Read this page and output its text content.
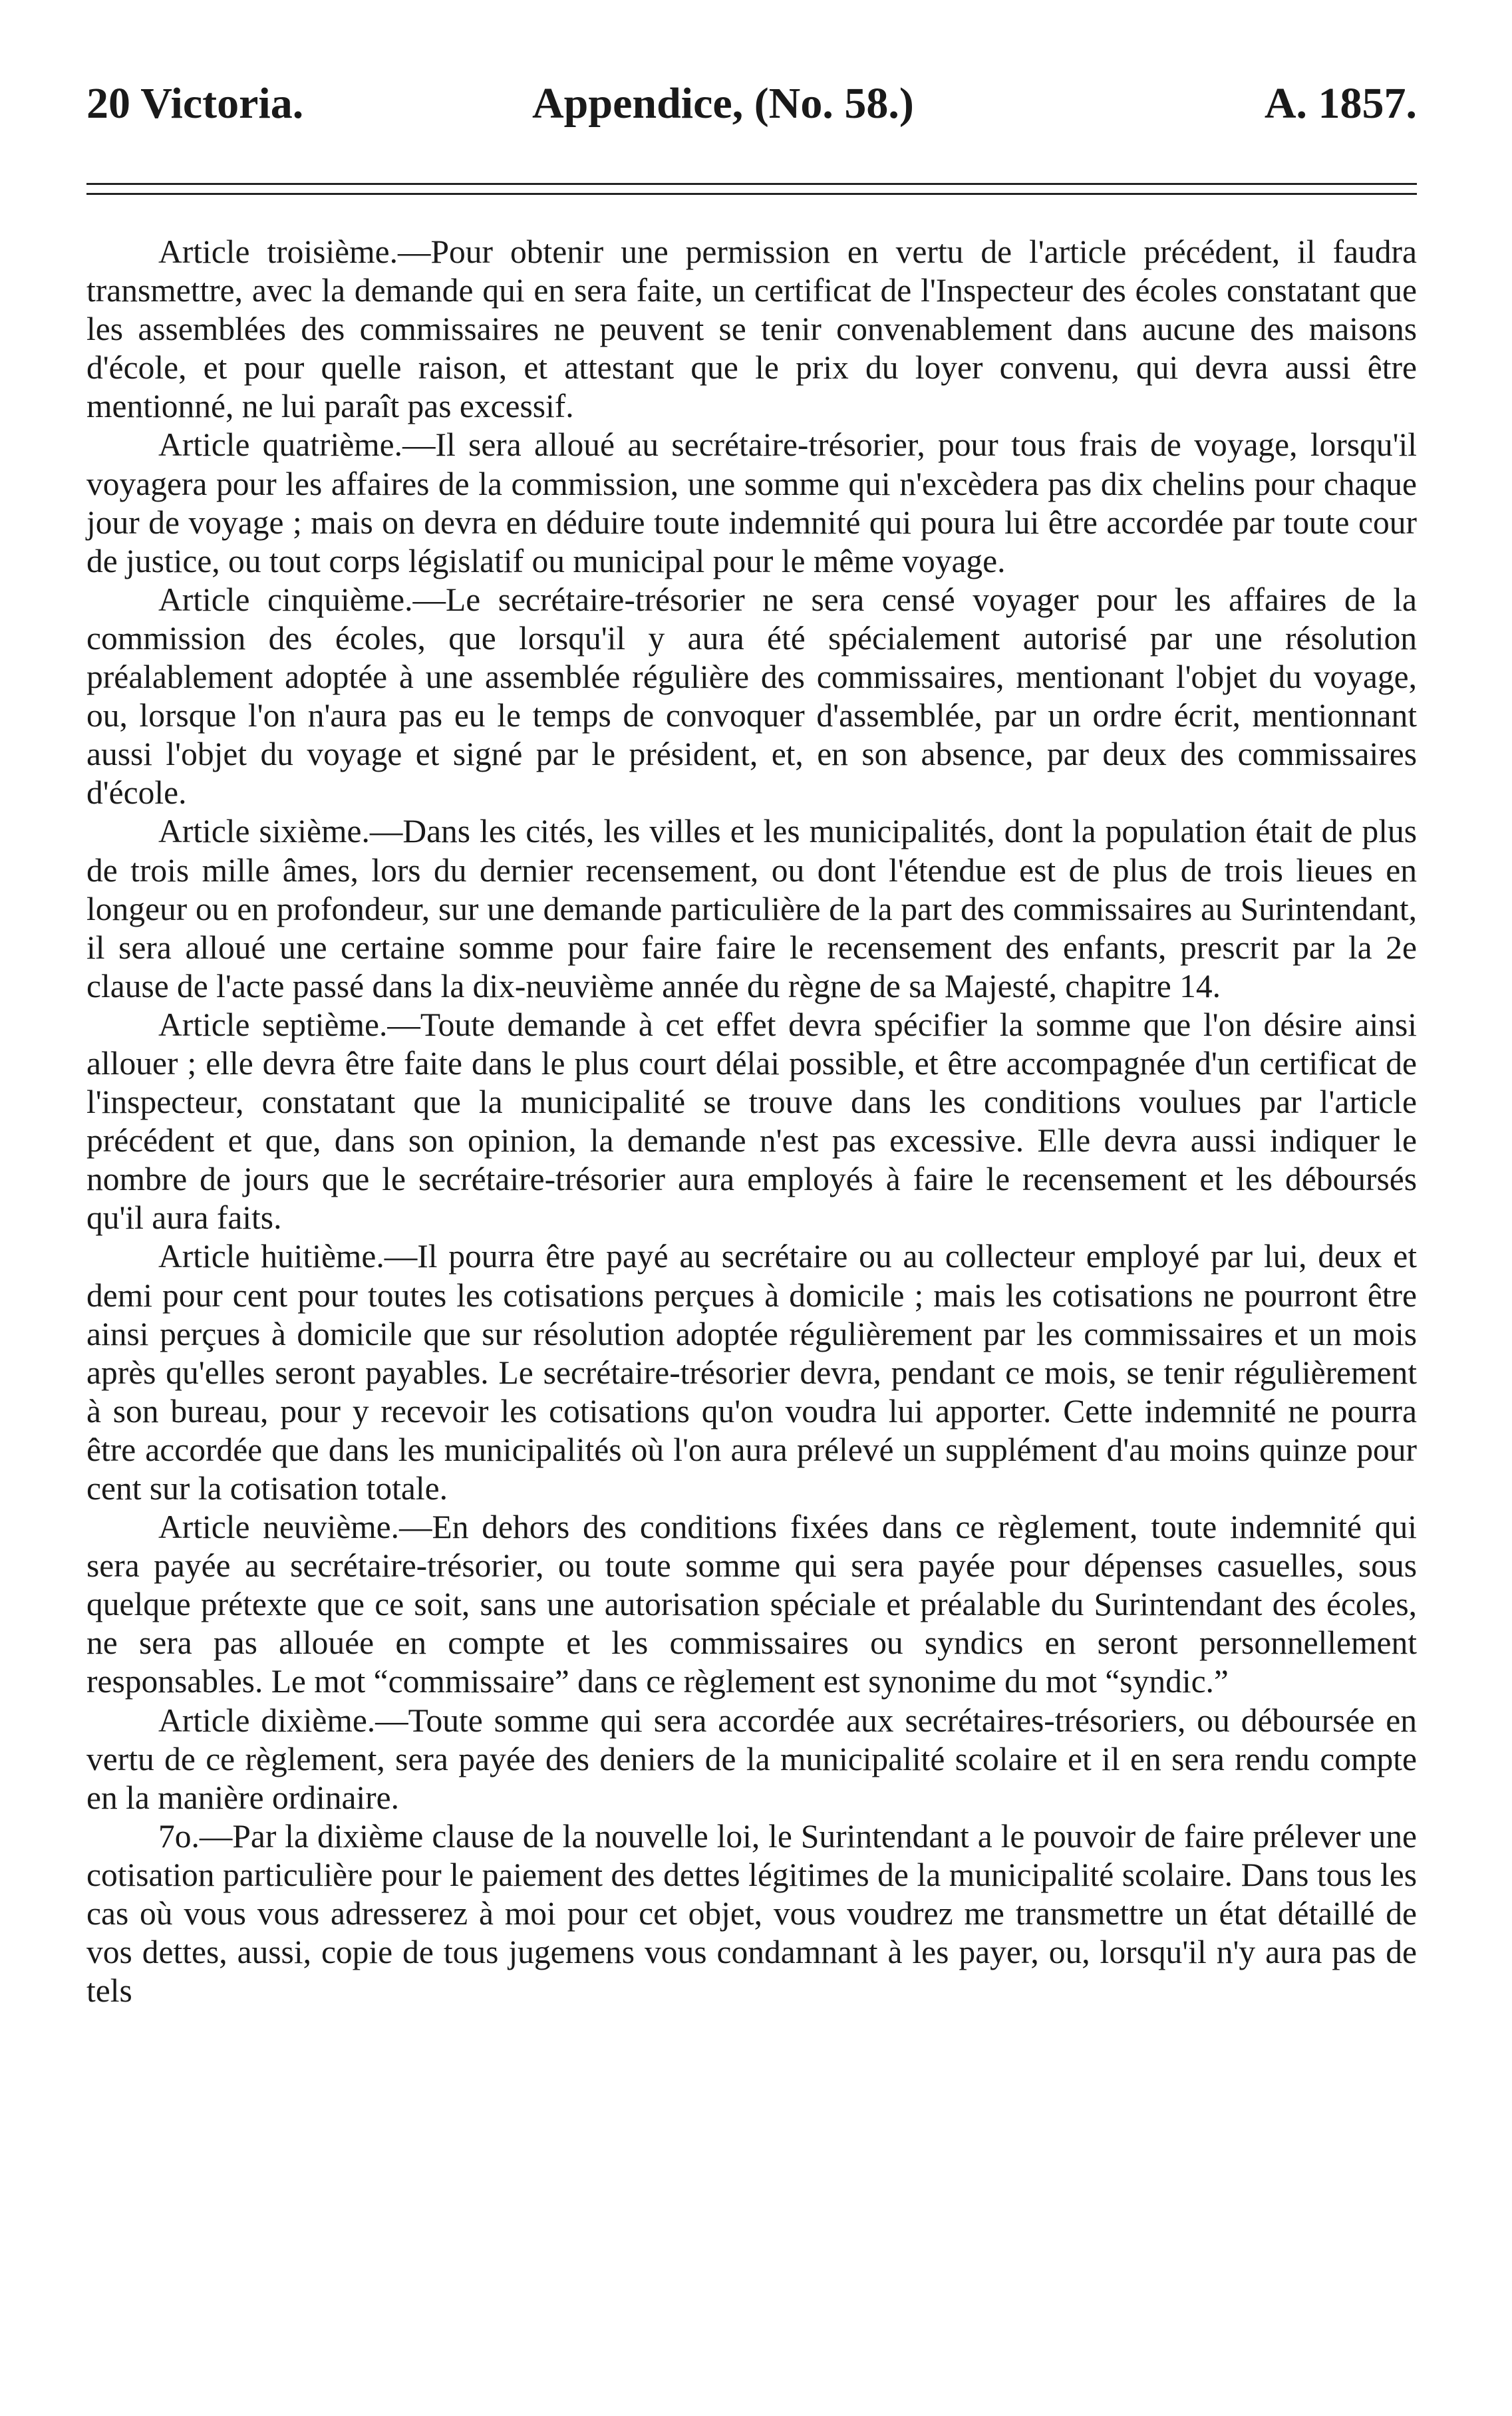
20 Victoria.	Appendice, (No. 58.)	A. 1857.

Article troisième.—Pour obtenir une permission en vertu de l'article précédent, il faudra transmettre, avec la demande qui en sera faite, un certificat de l'Inspecteur des écoles constatant que les assemblées des commissaires ne peuvent se tenir convenablement dans aucune des maisons d'école, et pour quelle raison, et attestant que le prix du loyer convenu, qui devra aussi être mentionné, ne lui paraît pas excessif.

Article quatrième.—Il sera alloué au secrétaire-trésorier, pour tous frais de voyage, lorsqu'il voyagera pour les affaires de la commission, une somme qui n'excèdera pas dix chelins pour chaque jour de voyage ; mais on devra en déduire toute indemnité qui poura lui être accordée par toute cour de justice, ou tout corps législatif ou municipal pour le même voyage.

Article cinquième.—Le secrétaire-trésorier ne sera censé voyager pour les affaires de la commission des écoles, que lorsqu'il y aura été spécialement autorisé par une résolution préalablement adoptée à une assemblée régulière des commissaires, mentionant l'objet du voyage, ou, lorsque l'on n'aura pas eu le temps de convoquer d'assemblée, par un ordre écrit, mentionnant aussi l'objet du voyage et signé par le président, et, en son absence, par deux des commissaires d'école.

Article sixième.—Dans les cités, les villes et les municipalités, dont la population était de plus de trois mille âmes, lors du dernier recensement, ou dont l'étendue est de plus de trois lieues en longeur ou en profondeur, sur une demande particulière de la part des commissaires au Surintendant, il sera alloué une certaine somme pour faire faire le recensement des enfants, prescrit par la 2e clause de l'acte passé dans la dix-neuvième année du règne de sa Majesté, chapitre 14.

Article septième.—Toute demande à cet effet devra spécifier la somme que l'on désire ainsi allouer ; elle devra être faite dans le plus court délai possible, et être accompagnée d'un certificat de l'inspecteur, constatant que la municipalité se trouve dans les conditions voulues par l'article précédent et que, dans son opinion, la demande n'est pas excessive. Elle devra aussi indiquer le nombre de jours que le secrétaire-trésorier aura employés à faire le recensement et les déboursés qu'il aura faits.

Article huitième.—Il pourra être payé au secrétaire ou au collecteur employé par lui, deux et demi pour cent pour toutes les cotisations perçues à domicile ; mais les cotisations ne pourront être ainsi perçues à domicile que sur résolution adoptée régulièrement par les commissaires et un mois après qu'elles seront payables. Le secrétaire-trésorier devra, pendant ce mois, se tenir régulièrement à son bureau, pour y recevoir les cotisations qu'on voudra lui apporter. Cette indemnité ne pourra être accordée que dans les municipalités où l'on aura prélevé un supplément d'au moins quinze pour cent sur la cotisation totale.

Article neuvième.—En dehors des conditions fixées dans ce règlement, toute indemnité qui sera payée au secrétaire-trésorier, ou toute somme qui sera payée pour dépenses casuelles, sous quelque prétexte que ce soit, sans une autorisation spéciale et préalable du Surintendant des écoles, ne sera pas allouée en compte et les commissaires ou syndics en seront personnellement responsables. Le mot “commissaire” dans ce règlement est synonime du mot “syndic.”

Article dixième.—Toute somme qui sera accordée aux secrétaires-trésoriers, ou déboursée en vertu de ce règlement, sera payée des deniers de la municipalité scolaire et il en sera rendu compte en la manière ordinaire.

7o.—Par la dixième clause de la nouvelle loi, le Surintendant a le pouvoir de faire prélever une cotisation particulière pour le paiement des dettes légitimes de la municipalité scolaire. Dans tous les cas où vous vous adresserez à moi pour cet objet, vous voudrez me transmettre un état détaillé de vos dettes, aussi, copie de tous jugemens vous condamnant à les payer, ou, lorsqu'il n'y aura pas de tels
